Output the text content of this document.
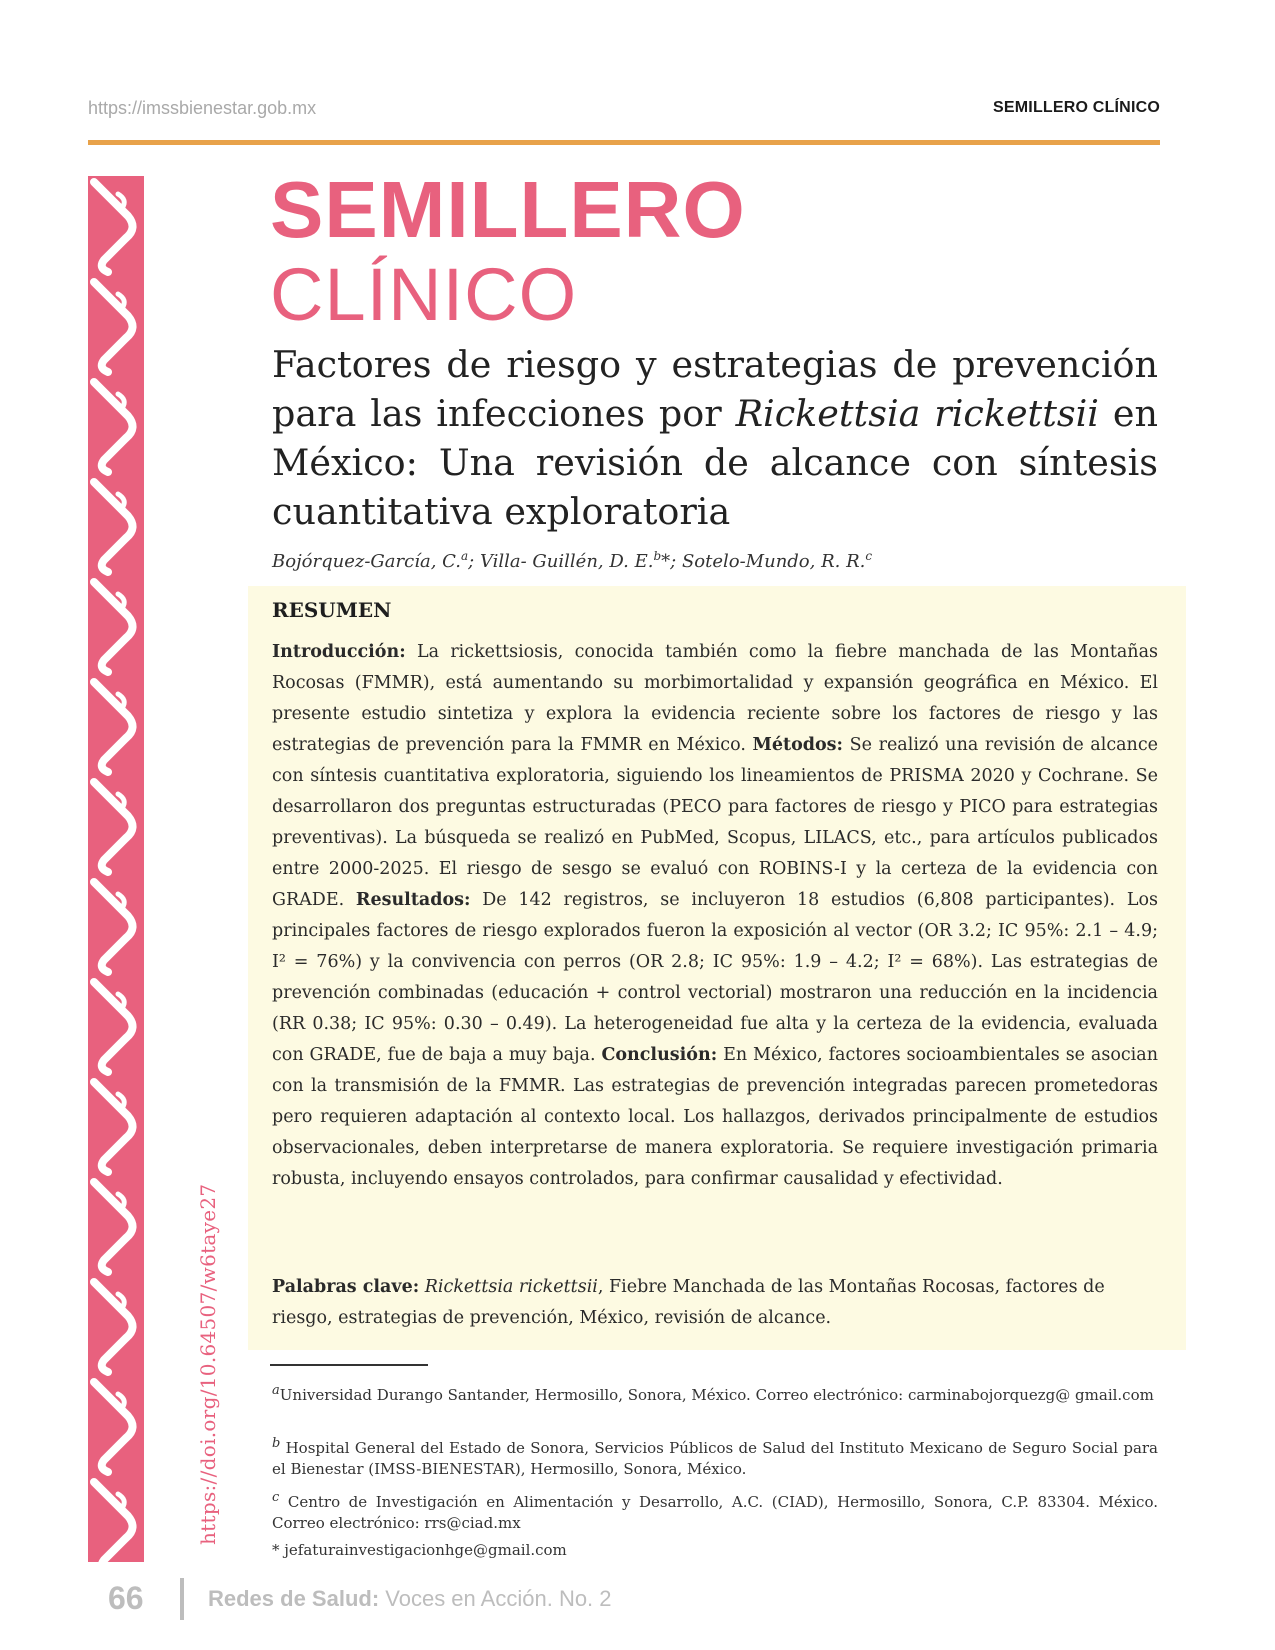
https://imssbienestar.gob.mx	SEMILLERO CLÍNICO
https://doi.org/10.64507/w6taye27
SEMILLERO
CLÍNICO
Factores de riesgo y estrategias de prevención para las infecciones por Rickettsia rickettsii en México: Una revisión de alcance con síntesis cuantitativa exploratoria
Bojórquez-García, C.$^a$; Villa- Guillén, D. E.$^b$*; Sotelo-Mundo, R. R.$^c$
RESUMEN
Introducción: La rickettsiosis, conocida también como la fiebre manchada de las Montañas Rocosas (FMMR), está aumentando su morbimortalidad y expansión geográfica en México. El presente estudio sintetiza y explora la evidencia reciente sobre los factores de riesgo y las estrategias de prevención para la FMMR en México. Métodos: Se realizó una revisión de alcance con síntesis cuantitativa exploratoria, siguiendo los lineamientos de PRISMA 2020 y Cochrane. Se desarrollaron dos preguntas estructuradas (PECO para factores de riesgo y PICO para estrategias preventivas). La búsqueda se realizó en PubMed, Scopus, LILACS, etc., para artículos publicados entre 2000-2025. El riesgo de sesgo se evaluó con ROBINS-I y la certeza de la evidencia con GRADE. Resultados: De 142 registros, se incluyeron 18 estudios (6,808 participantes). Los principales factores de riesgo explorados fueron la exposición al vector (OR 3.2; IC 95%: 2.1 – 4.9; I² = 76%) y la convivencia con perros (OR 2.8; IC 95%: 1.9 – 4.2; I² = 68%). Las estrategias de prevención combinadas (educación + control vectorial) mostraron una reducción en la incidencia (RR 0.38; IC 95%: 0.30 – 0.49). La heterogeneidad fue alta y la certeza de la evidencia, evaluada con GRADE, fue de baja a muy baja. Conclusión: En México, factores socioambientales se asocian con la transmisión de la FMMR. Las estrategias de prevención integradas parecen prometedoras pero requieren adaptación al contexto local. Los hallazgos, derivados principalmente de estudios observacionales, deben interpretarse de manera exploratoria. Se requiere investigación primaria robusta, incluyendo ensayos controlados, para confirmar causalidad y efectividad.
Palabras clave: Rickettsia rickettsii, Fiebre Manchada de las Montañas Rocosas, factores de riesgo, estrategias de prevención, México, revisión de alcance.
$^a$Universidad Durango Santander, Hermosillo, Sonora, México. Correo electrónico: carminabojorquezg@ gmail.com
$^b$ Hospital General del Estado de Sonora, Servicios Públicos de Salud del Instituto Mexicano de Seguro Social para el Bienestar (IMSS-BIENESTAR), Hermosillo, Sonora, México.
$^c$ Centro de Investigación en Alimentación y Desarrollo, A.C. (CIAD), Hermosillo, Sonora, C.P. 83304. México. Correo electrónico: rrs@ciad.mx
* jefaturainvestigacionhge@gmail.com
66	Redes de Salud: Voces en Acción. No. 2
